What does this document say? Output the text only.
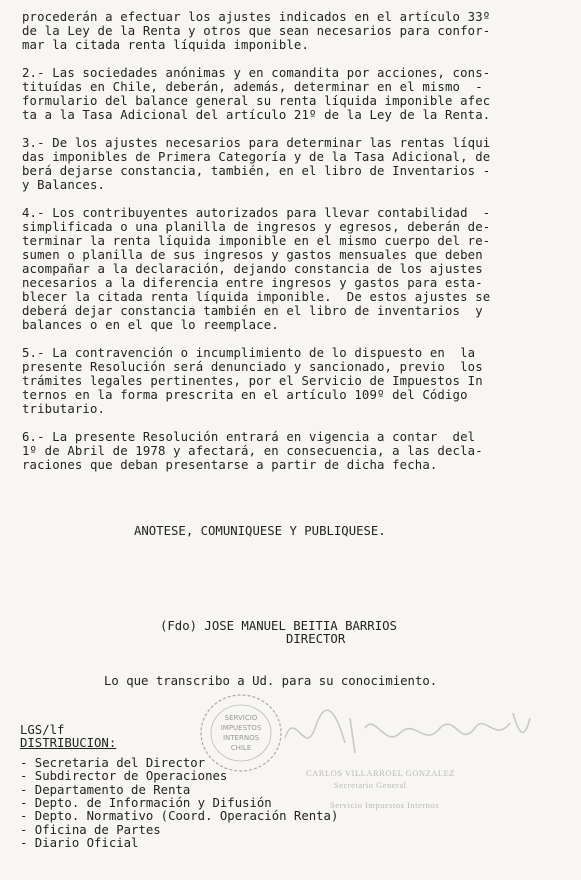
procederán a efectuar los ajustes indicados en el artículo 33º
de la Ley de la Renta y otros que sean necesarios para confor-
mar la citada renta líquida imponible.
2.- Las sociedades anónimas y en comandita por acciones, cons-
tituídas en Chile, deberán, además, determinar en el mismo  -
formulario del balance general su renta líquida imponible afec
ta a la Tasa Adicional del artículo 21º de la Ley de la Renta.
3.- De los ajustes necesarios para determinar las rentas líqui
das imponibles de Primera Categoría y de la Tasa Adicional, de
berá dejarse constancia, también, en el libro de Inventarios -
y Balances.
4.- Los contribuyentes autorizados para llevar contabilidad  -
simplificada o una planilla de ingresos y egresos, deberán de-
terminar la renta líquida imponible en el mismo cuerpo del re-
sumen o planilla de sus ingresos y gastos mensuales que deben
acompañar a la declaración, dejando constancia de los ajustes
necesarios a la diferencia entre ingresos y gastos para esta-
blecer la citada renta líquida imponible.  De estos ajustes se
deberá dejar constancia también en el libro de inventarios  y
balances o en el que lo reemplace.
5.- La contravención o incumplimiento de lo dispuesto en  la
presente Resolución será denunciado y sancionado, previo  los
trámites legales pertinentes, por el Servicio de Impuestos In
ternos en la forma prescrita en el artículo 109º del Código
tributario.
6.- La presente Resolución entrará en vigencia a contar  del
1º de Abril de 1978 y afectará, en consecuencia, a las decla-
raciones que deban presentarse a partir de dicha fecha.
ANOTESE, COMUNIQUESE Y PUBLIQUESE.
(Fdo) JOSE MANUEL BEITIA BARRIOS
DIRECTOR
Lo que transcribo a Ud. para su conocimiento.
LGS/lf
DISTRIBUCION:
- Secretaria del Director
- Subdirector de Operaciones
- Departamento de Renta
- Depto. de Información y Difusión
- Depto. Normativo (Coord. Operación Renta)
- Oficina de Partes
- Diario Oficial
SERVICIO
IMPUESTOS
INTERNOS
CHILE
CARLOS VILLARROEL GONZALEZ
Secretario General
Servicio Impuestos Internos
